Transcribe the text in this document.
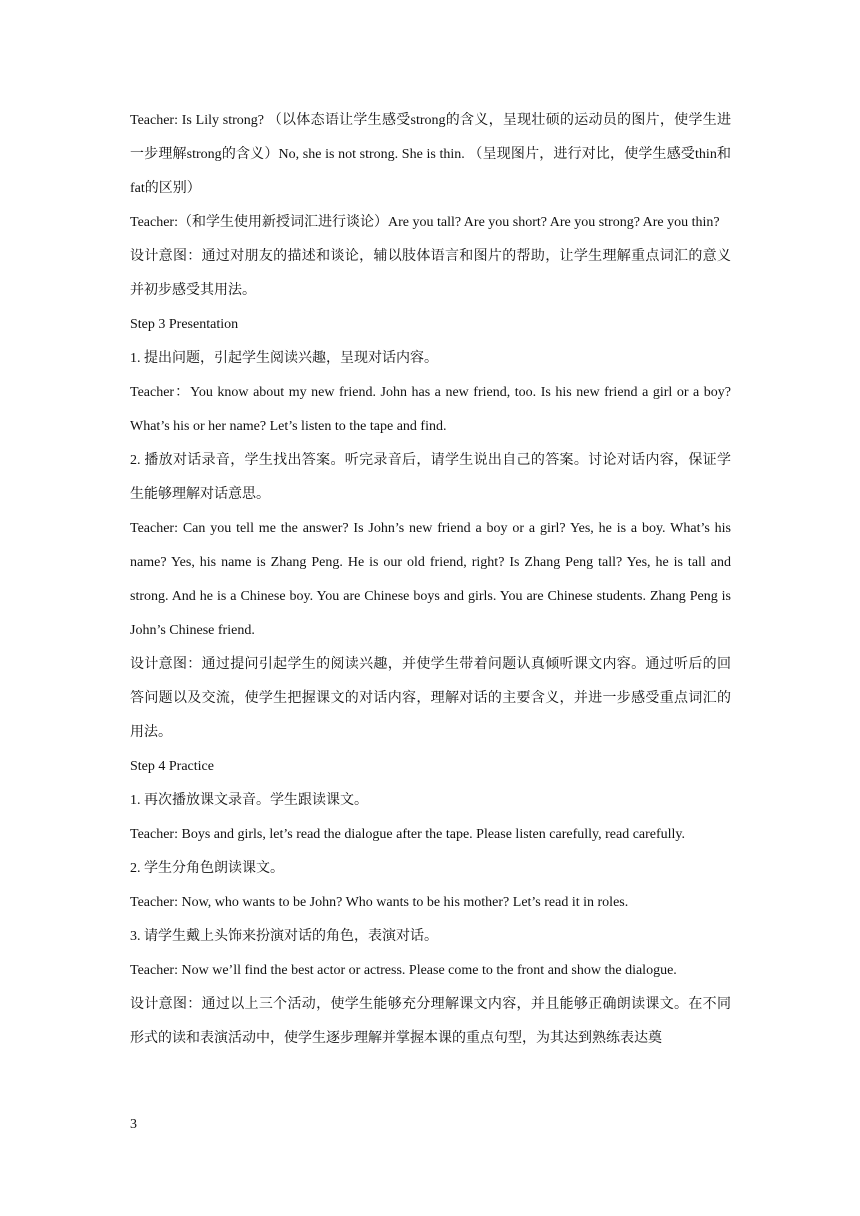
Teacher: Is Lily strong? （以体态语让学生感受strong的含义，呈现壮硕的运动员的图片，使学生进一步理解strong的含义）No, she is not strong. She is thin. （呈现图片，进行对比，使学生感受thin和fat的区别）

Teacher:（和学生使用新授词汇进行谈论）Are you tall? Are you short? Are you strong? Are you thin?

设计意图：通过对朋友的描述和谈论，辅以肢体语言和图片的帮助，让学生理解重点词汇的意义并初步感受其用法。

Step 3 Presentation

1. 提出问题，引起学生阅读兴趣，呈现对话内容。

Teacher：You know about my new friend. John has a new friend, too. Is his new friend a girl or a boy? What’s his or her name? Let’s listen to the tape and find.

2. 播放对话录音，学生找出答案。听完录音后，请学生说出自己的答案。讨论对话内容，保证学生能够理解对话意思。

Teacher: Can you tell me the answer? Is John’s new friend a boy or a girl? Yes, he is a boy. What’s his name? Yes, his name is Zhang Peng. He is our old friend, right? Is Zhang Peng tall? Yes, he is tall and strong. And he is a Chinese boy. You are Chinese boys and girls. You are Chinese students. Zhang Peng is John’s Chinese friend.

设计意图：通过提问引起学生的阅读兴趣，并使学生带着问题认真倾听课文内容。通过听后的回答问题以及交流，使学生把握课文的对话内容，理解对话的主要含义，并进一步感受重点词汇的用法。

Step 4 Practice

1. 再次播放课文录音。学生跟读课文。

Teacher: Boys and girls, let’s read the dialogue after the tape. Please listen carefully, read carefully.

2. 学生分角色朗读课文。

Teacher: Now, who wants to be John? Who wants to be his mother? Let’s read it in roles.

3. 请学生戴上头饰来扮演对话的角色，表演对话。

Teacher: Now we’ll find the best actor or actress. Please come to the front and show the dialogue.

设计意图：通过以上三个活动，使学生能够充分理解课文内容，并且能够正确朗读课文。在不同形式的读和表演活动中，使学生逐步理解并掌握本课的重点句型，为其达到熟练表达奠

3
